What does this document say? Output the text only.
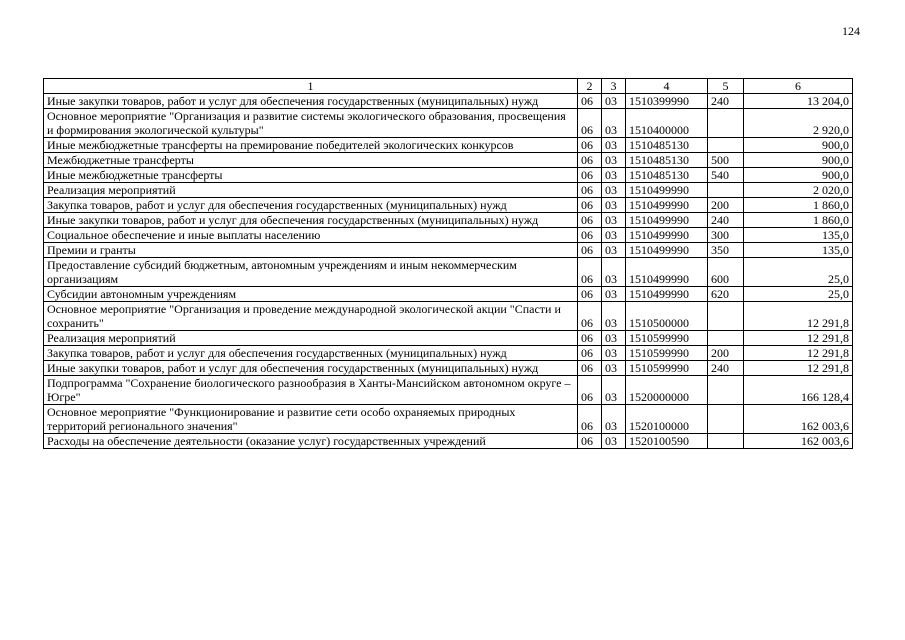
124
1	2	3	4	5	6
Иные закупки товаров, работ и услуг для обеспечения государственных (муниципальных) нужд	06	03	1510399990	240	13 204,0
Основное мероприятие "Организация и развитие системы экологического образования, просвещения и формирования экологической культуры"	06	03	1510400000		2 920,0
Иные межбюджетные трансферты на премирование победителей экологических конкурсов	06	03	1510485130		900,0
Межбюджетные трансферты	06	03	1510485130	500	900,0
Иные межбюджетные трансферты	06	03	1510485130	540	900,0
Реализация мероприятий	06	03	1510499990		2 020,0
Закупка товаров, работ и услуг для обеспечения государственных (муниципальных) нужд	06	03	1510499990	200	1 860,0
Иные закупки товаров, работ и услуг для обеспечения государственных (муниципальных) нужд	06	03	1510499990	240	1 860,0
Социальное обеспечение и иные выплаты населению	06	03	1510499990	300	135,0
Премии и гранты	06	03	1510499990	350	135,0
Предоставление субсидий бюджетным, автономным учреждениям и иным некоммерческим организациям	06	03	1510499990	600	25,0
Субсидии автономным учреждениям	06	03	1510499990	620	25,0
Основное мероприятие "Организация и проведение международной экологической акции "Спасти и сохранить"	06	03	1510500000		12 291,8
Реализация мероприятий	06	03	1510599990		12 291,8
Закупка товаров, работ и услуг для обеспечения государственных (муниципальных) нужд	06	03	1510599990	200	12 291,8
Иные закупки товаров, работ и услуг для обеспечения государственных (муниципальных) нужд	06	03	1510599990	240	12 291,8
Подпрограмма "Сохранение биологического разнообразия в Ханты-Мансийском автономном округе – Югре"	06	03	1520000000		166 128,4
Основное мероприятие "Функционирование и развитие сети особо охраняемых природных территорий регионального значения"	06	03	1520100000		162 003,6
Расходы на обеспечение деятельности (оказание услуг) государственных учреждений	06	03	1520100590		162 003,6
